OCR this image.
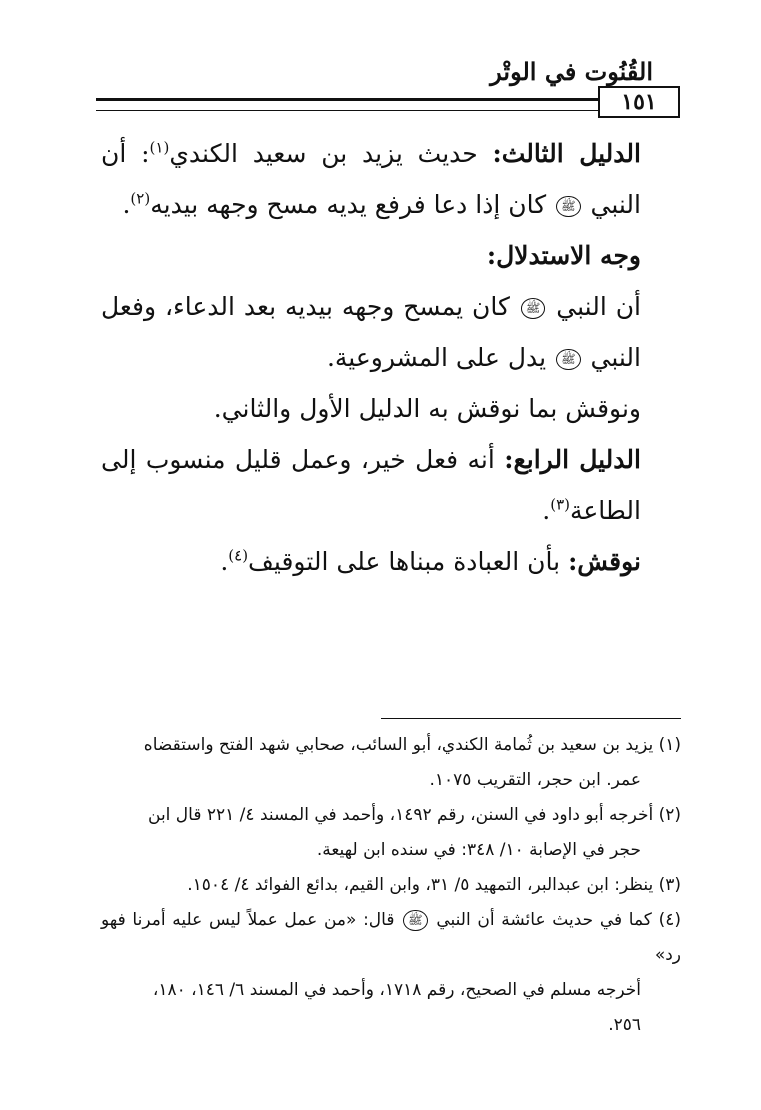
القُنُوت في الوتْر
١٥١

الدليل الثالث: حديث يزيد بن سعيد الكندي$^{(١)}$: أن النبي ﷺ كان إذا دعا فرفع يديه مسح وجهه بيديه$^{(٢)}$.

وجه الاستدلال:

أن النبي ﷺ كان يمسح وجهه بيديه بعد الدعاء، وفعل النبي ﷺ يدل على المشروعية.

ونوقش بما نوقش به الدليل الأول والثاني.

الدليل الرابع: أنه فعل خير، وعمل قليل منسوب إلى الطاعة$^{(٣)}$.

نوقش: بأن العبادة مبناها على التوقيف$^{(٤)}$.

(١) يزيد بن سعيد بن ثُمامة الكندي، أبو السائب، صحابي شهد الفتح واستقضاه

عمر. ابن حجر، التقريب ١٠٧٥.

(٢) أخرجه أبو داود في السنن، رقم ١٤٩٢، وأحمد في المسند ٤/ ٢٢١ قال ابن

حجر في الإصابة ١٠/ ٣٤٨: في سنده ابن لهيعة.

(٣) ينظر: ابن عبدالبر، التمهيد ٥/ ٣١، وابن القيم، بدائع الفوائد ٤/ ١٥٠٤.

(٤) كما في حديث عائشة أن النبي ﷺ قال: «من عمل عملاً ليس عليه أمرنا فهو رد»

أخرجه مسلم في الصحيح، رقم ١٧١٨، وأحمد في المسند ٦/ ١٤٦، ١٨٠،

٢٥٦.
